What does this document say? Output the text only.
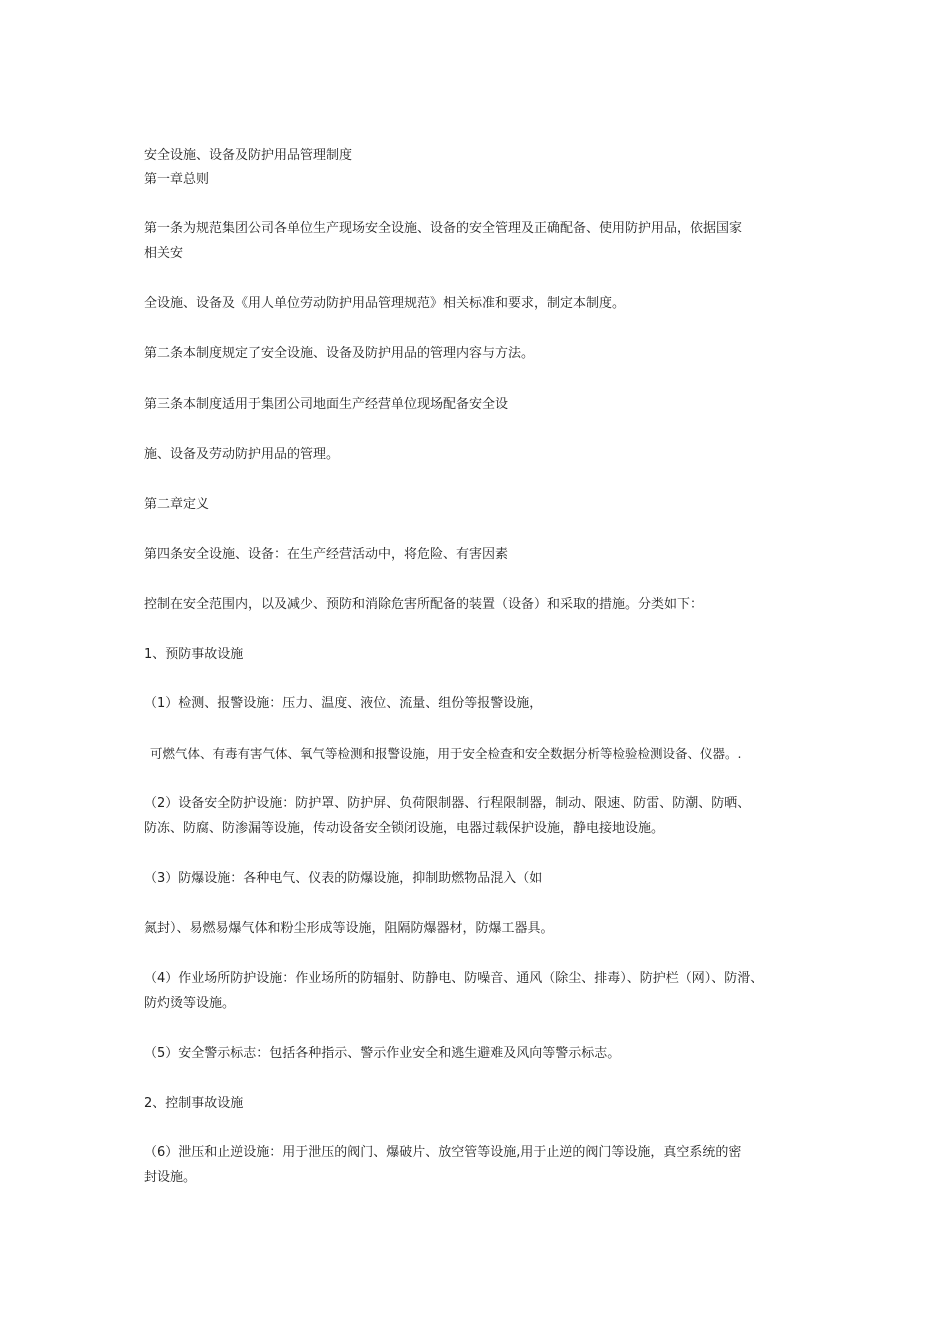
安全设施、设备及防护用品管理制度
第一章总则
第一条为规范集团公司各单位生产现场安全设施、设备的安全管理及正确配备、使用防护用品，依据国家
相关安
全设施、设备及《用人单位劳动防护用品管理规范》相关标准和要求，制定本制度。
第二条本制度规定了安全设施、设备及防护用品的管理内容与方法。
第三条本制度适用于集团公司地面生产经营单位现场配备安全设
施、设备及劳动防护用品的管理。
第二章定义
第四条安全设施、设备：在生产经营活动中，将危险、有害因素
控制在安全范围内，以及减少、预防和消除危害所配备的装置（设备）和采取的措施。分类如下：
1、预防事故设施
（1）检测、报警设施：压力、温度、液位、流量、组份等报警设施，
可燃气体、有毒有害气体、氧气等检测和报警设施，用于安全检查和安全数据分析等检验检测设备、仪器。.
（2）设备安全防护设施：防护罩、防护屏、负荷限制器、行程限制器，制动、限速、防雷、防潮、防晒、
防冻、防腐、防渗漏等设施，传动设备安全锁闭设施，电器过载保护设施，静电接地设施。
（3）防爆设施：各种电气、仪表的防爆设施，抑制助燃物品混入（如
氮封）、易燃易爆气体和粉尘形成等设施，阻隔防爆器材，防爆工器具。
（4）作业场所防护设施：作业场所的防辐射、防静电、防噪音、通风（除尘、排毒）、防护栏（网）、防滑、
防灼烫等设施。
（5）安全警示标志：包括各种指示、警示作业安全和逃生避难及风向等警示标志。
2、控制事故设施
（6）泄压和止逆设施：用于泄压的阀门、爆破片、放空管等设施,用于止逆的阀门等设施，真空系统的密
封设施。
